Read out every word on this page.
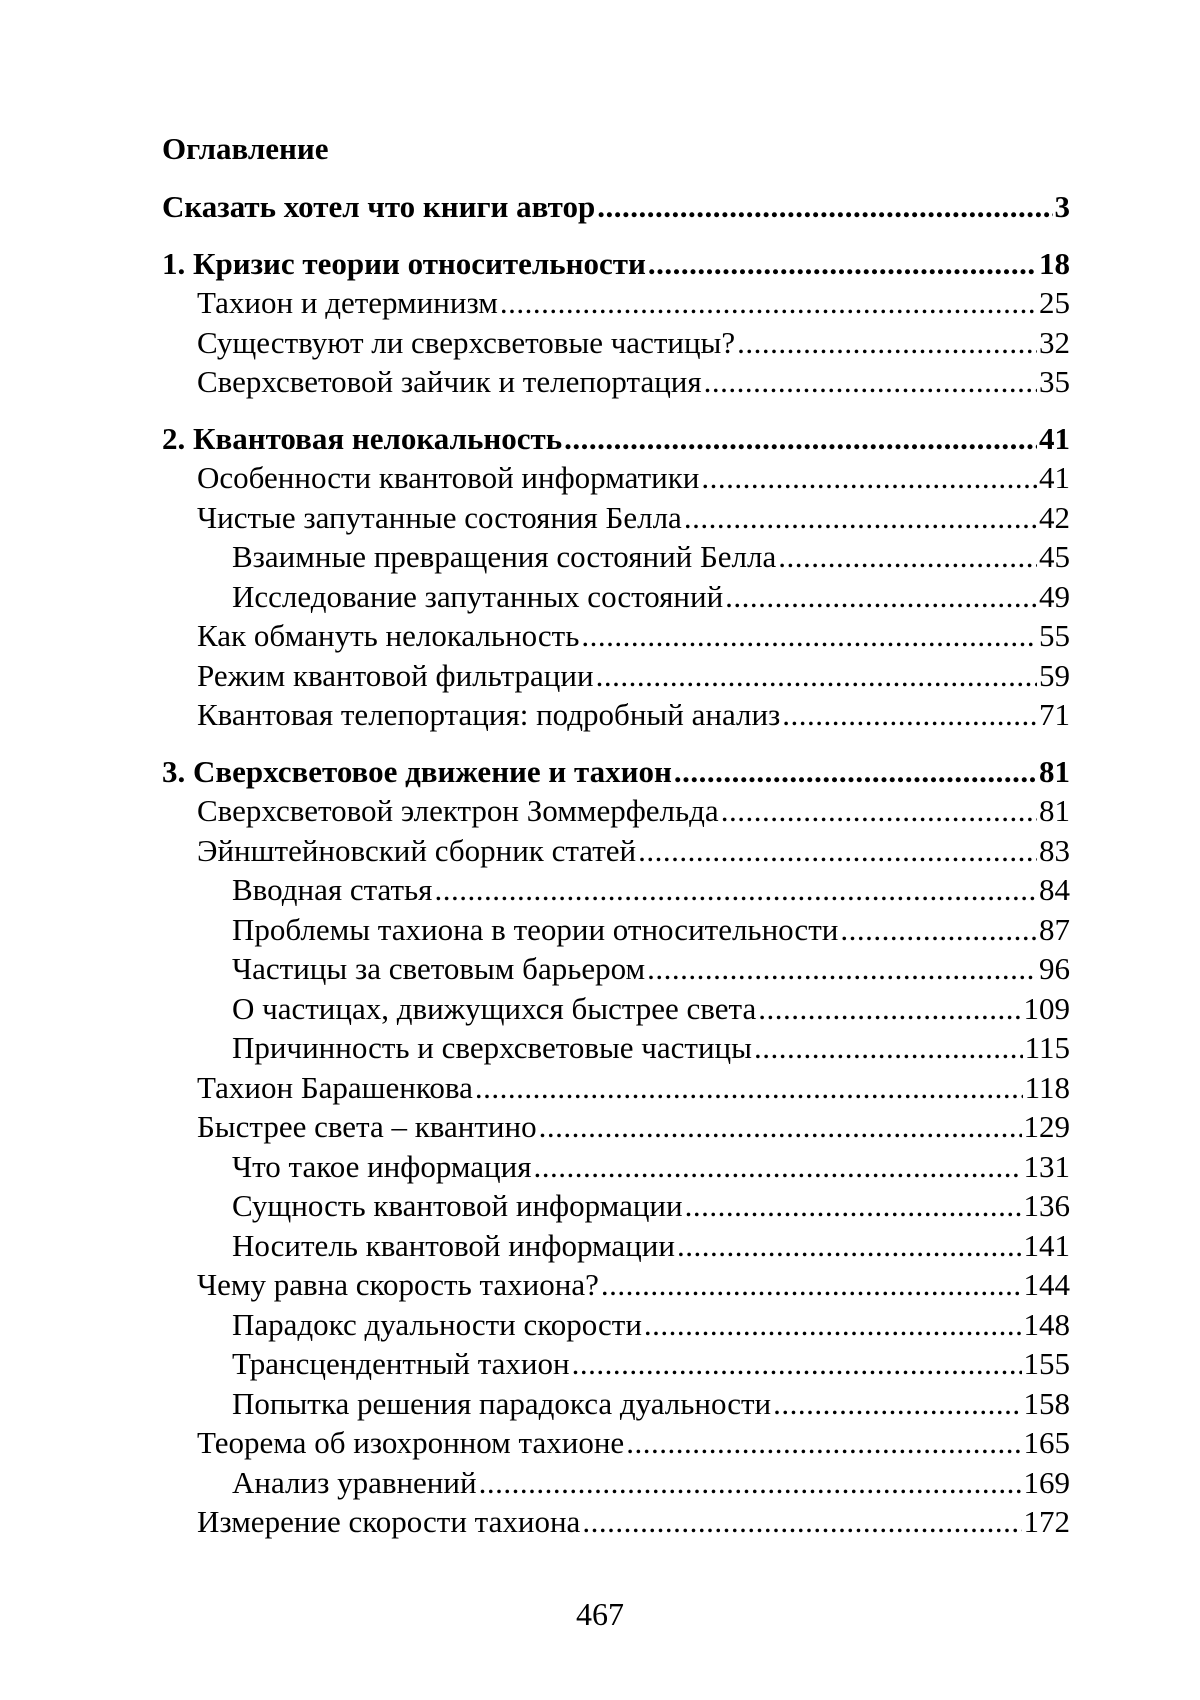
Оглавление
Сказать хотел что книги автор
.....	3
1. Кризис теории относительности
.....	18
Тахион и детерминизм
.....	25
Существуют ли сверхсветовые частицы?
.....	32
Сверхсветовой зайчик и телепортация
.....	35
2. Квантовая нелокальность
.....	41
Особенности квантовой информатики
.....	41
Чистые запутанные состояния Белла
.....	42
Взаимные превращения состояний Белла
.....	45
Исследование запутанных состояний
.....	49
Как обмануть нелокальность
.....	55
Режим квантовой фильтрации
.....	59
Квантовая телепортация: подробный анализ
.....	71
3. Сверхсветовое движение и тахион
.....	81
Сверхсветовой электрон Зоммерфельда
.....	81
Эйнштейновский сборник статей
.....	83
Вводная статья
.....	84
Проблемы тахиона в теории относительности
.....	87
Частицы за световым барьером
.....	96
О частицах, движущихся быстрее света
.....	109
Причинность и сверхсветовые частицы
.....	115
Тахион Барашенкова
.....	118
Быстрее света – квантино
.....	129
Что такое информация
.....	131
Сущность квантовой информации
.....	136
Носитель квантовой информации
.....	141
Чему равна скорость тахиона?
.....	144
Парадокс дуальности скорости
.....	148
Трансцендентный тахион
.....	155
Попытка решения парадокса дуальности
.....	158
Теорема об изохронном тахионе
.....	165
Анализ уравнений
.....	169
Измерение скорости тахиона
.....	172
467
